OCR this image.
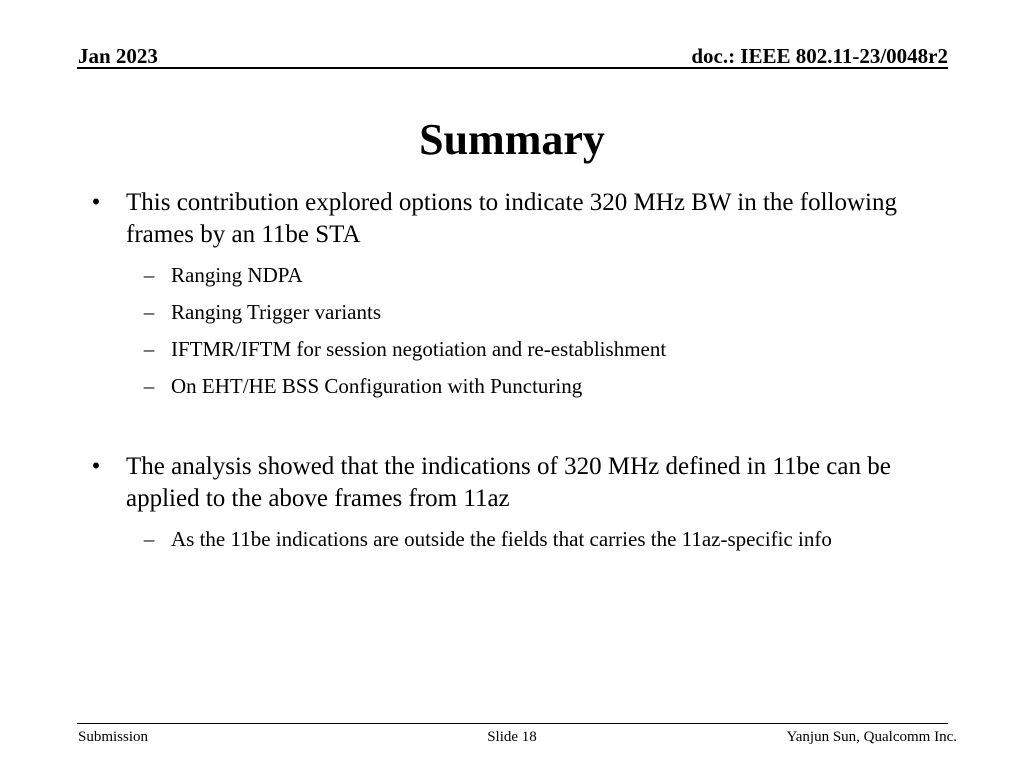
Jan 2023	doc.: IEEE 802.11-23/0048r2
Summary
• This contribution explored options to indicate 320 MHz BW in the following frames by an 11be STA
– Ranging NDPA
– Ranging Trigger variants
– IFTMR/IFTM for session negotiation and re-establishment
– On EHT/HE BSS Configuration with Puncturing
• The analysis showed that the indications of 320 MHz defined in 11be can be applied to the above frames from 11az
– As the 11be indications are outside the fields that carries the 11az-specific info
Submission	Slide 18	Yanjun Sun, Qualcomm Inc.
